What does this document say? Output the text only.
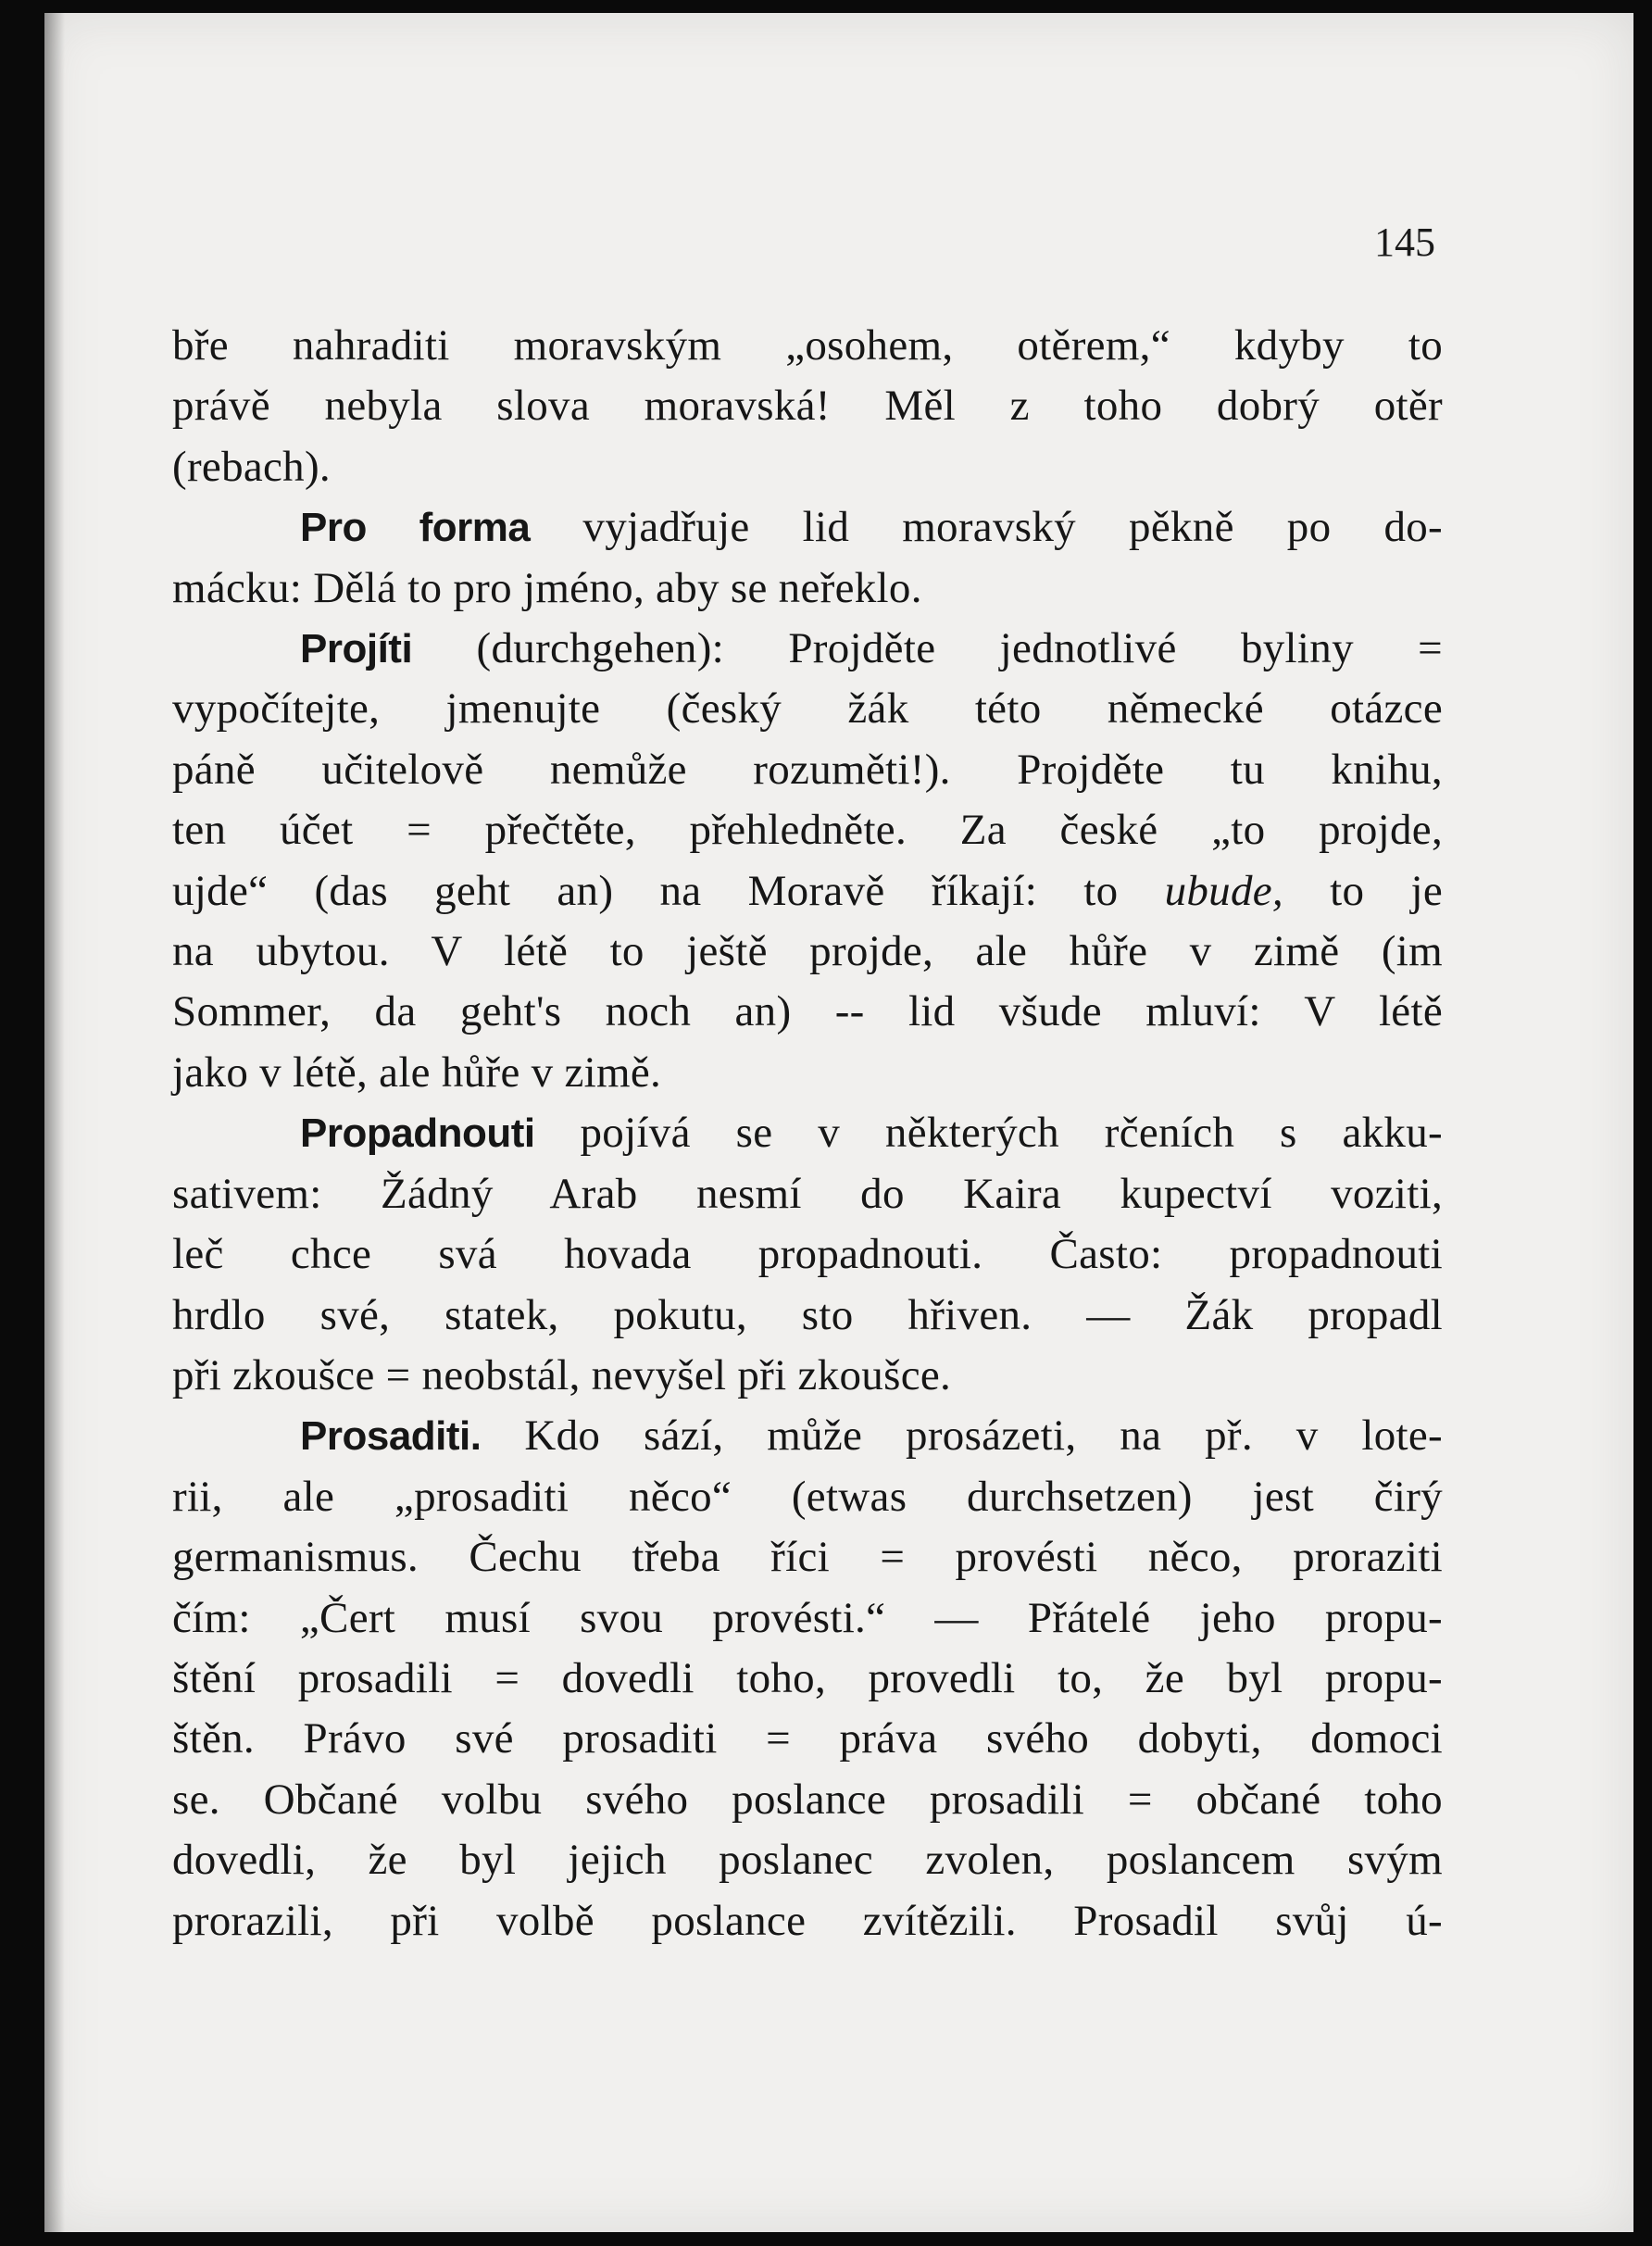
145
bře nahraditi moravským „osohem, otěrem,“ kdyby to
právě nebyla slova moravská! Měl z toho dobrý otěr
(rebach).
Pro forma vyjadřuje lid moravský pěkně po do-
mácku: Dělá to pro jméno, aby se neřeklo.
Projíti (durchgehen): Projděte jednotlivé byliny =
vypočítejte, jmenujte (český žák této německé otázce
páně učitelově nemůže rozuměti!). Projděte tu knihu,
ten účet = přečtěte, přehledněte. Za české „to projde,
ujde“ (das geht an) na Moravě říkají: to ubude, to je
na ubytou. V létě to ještě projde, ale hůře v zimě (im
Sommer, da geht's noch an) -- lid všude mluví: V létě
jako v létě, ale hůře v zimě.
Propadnouti pojívá se v některých rčeních s akku-
sativem: Žádný Arab nesmí do Kaira kupectví voziti,
leč chce svá hovada propadnouti. Často: propadnouti
hrdlo své, statek, pokutu, sto hřiven. — Žák propadl
při zkoušce = neobstál, nevyšel při zkoušce.
Prosaditi. Kdo sází, může prosázeti, na př. v lote-
rii, ale „prosaditi něco“ (etwas durchsetzen) jest čirý
germanismus. Čechu třeba říci = provésti něco, proraziti
čím: „Čert musí svou provésti.“ — Přátelé jeho propu-
štění prosadili = dovedli toho, provedli to, že byl propu-
štěn. Právo své prosaditi = práva svého dobyti, domoci
se. Občané volbu svého poslance prosadili = občané toho
dovedli, že byl jejich poslanec zvolen, poslancem svým
prorazili, při volbě poslance zvítězili. Prosadil svůj ú-
